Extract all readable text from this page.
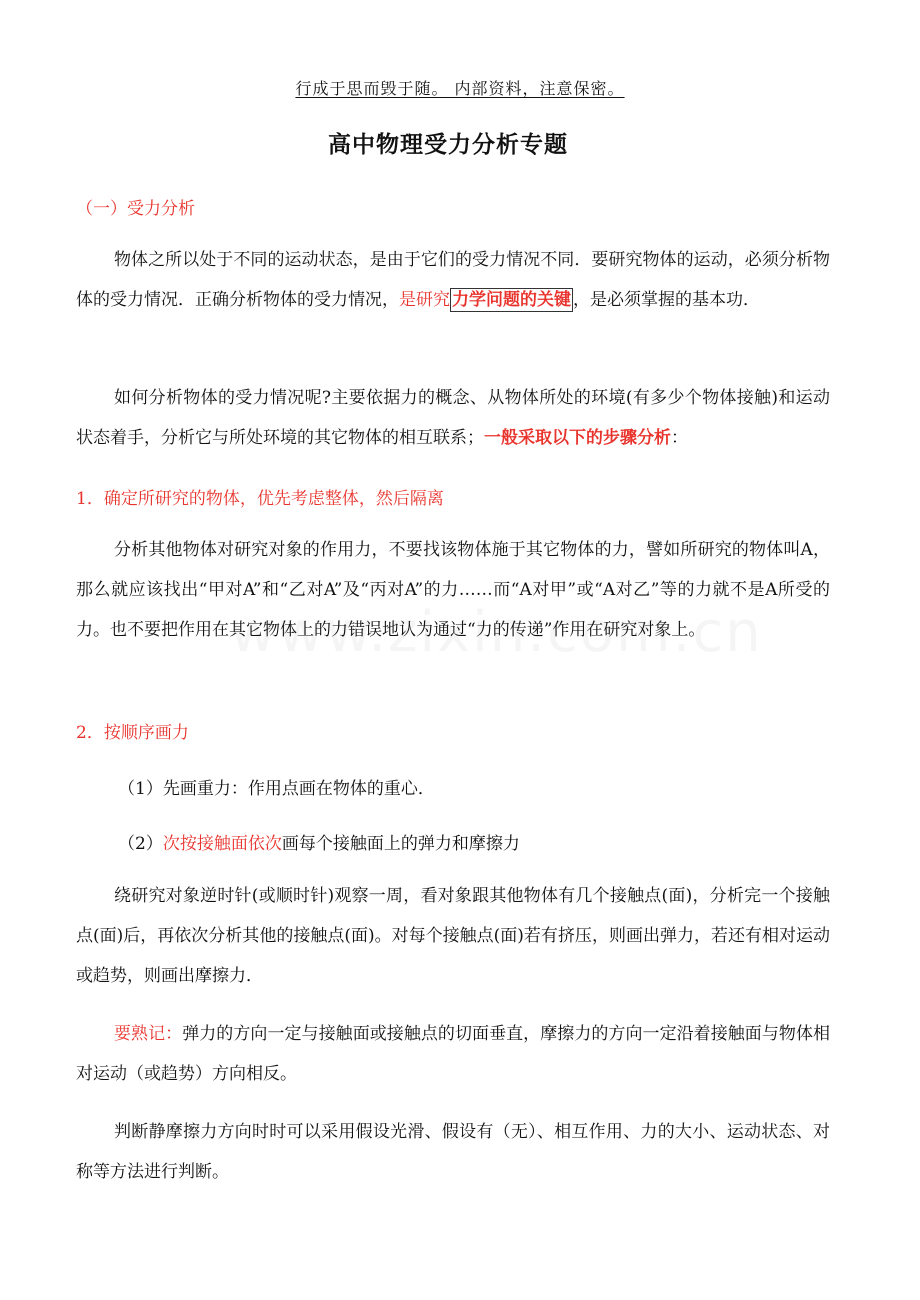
行成于思而毁于随。 内部资料，注意保密。
高中物理受力分析专题
（一）受力分析
物体之所以处于不同的运动状态，是由于它们的受力情况不同．要研究物体的运动，必须分析物体的受力情况．正确分析物体的受力情况，是研究 力学问题的关键 ，是必须掌握的基本功．
如何分析物体的受力情况呢?主要依据力的概念、从物体所处的环境(有多少个物体接触)和运动状态着手，分析它与所处环境的其它物体的相互联系；一般采取以下的步骤分析：
1．确定所研究的物体，优先考虑整体，然后隔离
分析其他物体对研究对象的作用力，不要找该物体施于其它物体的力，譬如所研究的物体叫A，那么就应该找出“甲对A”和“乙对A”及“丙对A”的力……而“A对甲”或“A对乙”等的力就不是A所受的力。也不要把作用在其它物体上的力错误地认为通过“力的传递”作用在研究对象上。
2．按顺序画力
（1）先画重力：作用点画在物体的重心．
（2）次按接触面依次画每个接触面上的弹力和摩擦力
绕研究对象逆时针(或顺时针)观察一周，看对象跟其他物体有几个接触点(面)，分析完一个接触点(面)后，再依次分析其他的接触点(面)。对每个接触点(面)若有挤压，则画出弹力，若还有相对运动或趋势，则画出摩擦力．
要熟记：弹力的方向一定与接触面或接触点的切面垂直，摩擦力的方向一定沿着接触面与物体相对运动（或趋势）方向相反。
判断静摩擦力方向时时可以采用假设光滑、假设有（无）、相互作用、力的大小、运动状态、对称等方法进行判断。
